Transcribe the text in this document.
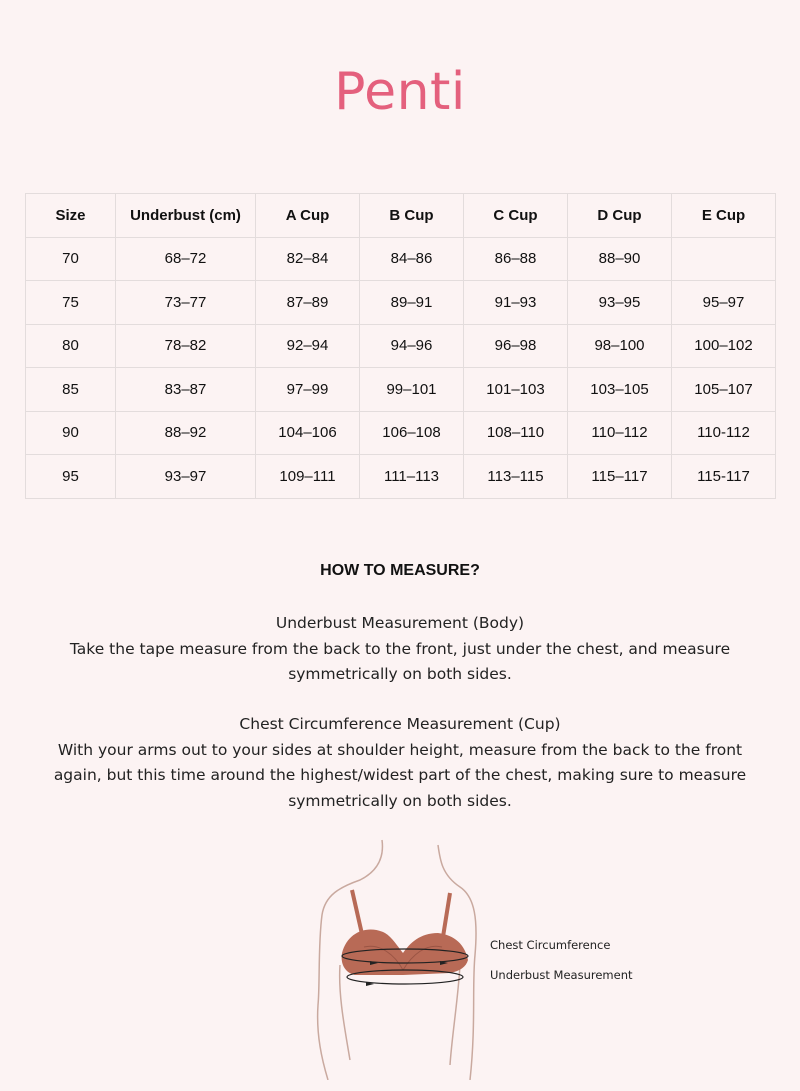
Penti
Size	Underbust (cm)	A Cup	B Cup	C Cup	D Cup	E Cup
70	68–72	82–84	84–86	86–88	88–90	
75	73–77	87–89	89–91	91–93	93–95	95–97
80	78–82	92–94	94–96	96–98	98–100	100–102
85	83–87	97–99	99–101	101–103	103–105	105–107
90	88–92	104–106	106–108	108–110	110–112	110-112
95	93–97	109–111	111–113	113–115	115–117	115-117
HOW TO MEASURE?
Underbust Measurement (Body)
Take the tape measure from the back to the front, just under the chest, and measure symmetrically on both sides.
Chest Circumference Measurement (Cup)
With your arms out to your sides at shoulder height, measure from the back to the front again, but this time around the highest/widest part of the chest, making sure to measure symmetrically on both sides.
Chest Circumference
Underbust Measurement
